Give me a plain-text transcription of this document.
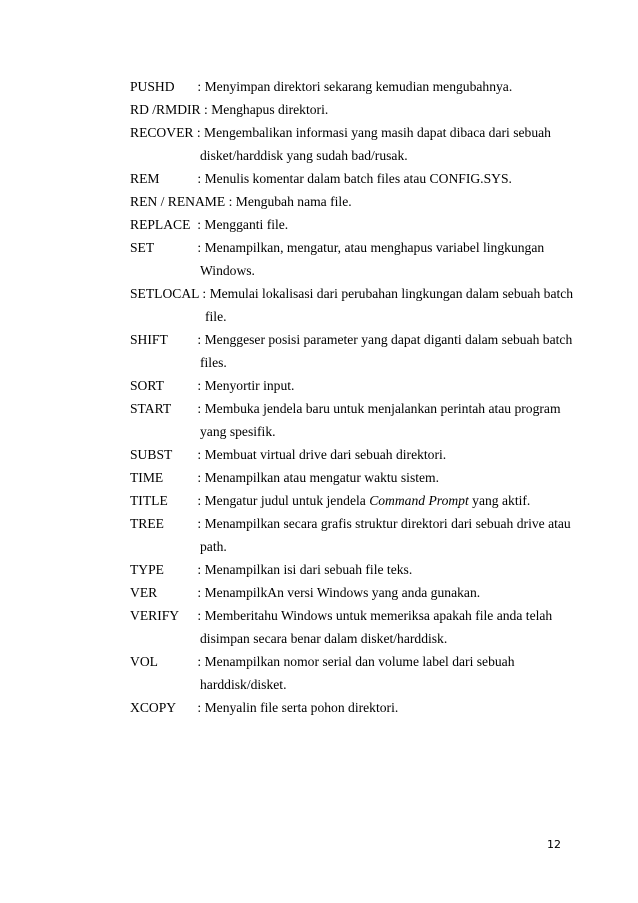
PUSHD : Menyimpan direktori sekarang kemudian mengubahnya.
RD /RMDIR : Menghapus direktori.
RECOVER : Mengembalikan informasi yang masih dapat dibaca dari sebuah
disket/harddisk yang sudah bad/rusak.
REM	: Menulis komentar dalam batch files atau CONFIG.SYS.
REN / RENAME : Mengubah nama file.
REPLACE : Mengganti file.
SET	: Menampilkan, mengatur, atau menghapus variabel lingkungan
Windows.
SETLOCAL : Memulai lokalisasi dari perubahan lingkungan dalam sebuah batch
file.
SHIFT : Menggeser posisi parameter yang dapat diganti dalam sebuah batch
files.
SORT : Menyortir input.
START : Membuka jendela baru untuk menjalankan perintah atau program
yang spesifik.
SUBST : Membuat virtual drive dari sebuah direktori.
TIME	: Menampilkan atau mengatur waktu sistem.
TITLE : Mengatur judul untuk jendela Command Prompt yang aktif.
TREE : Menampilkan secara grafis struktur direktori dari sebuah drive atau
path.
TYPE : Menampilkan isi dari sebuah file teks.
VER	: MenampilkAn versi Windows yang anda gunakan.
VERIFY : Memberitahu Windows untuk memeriksa apakah file anda telah
disimpan secara benar dalam disket/harddisk.
VOL	: Menampilkan nomor serial dan volume label dari sebuah
harddisk/disket.
XCOPY : Menyalin file serta pohon direktori.
12
